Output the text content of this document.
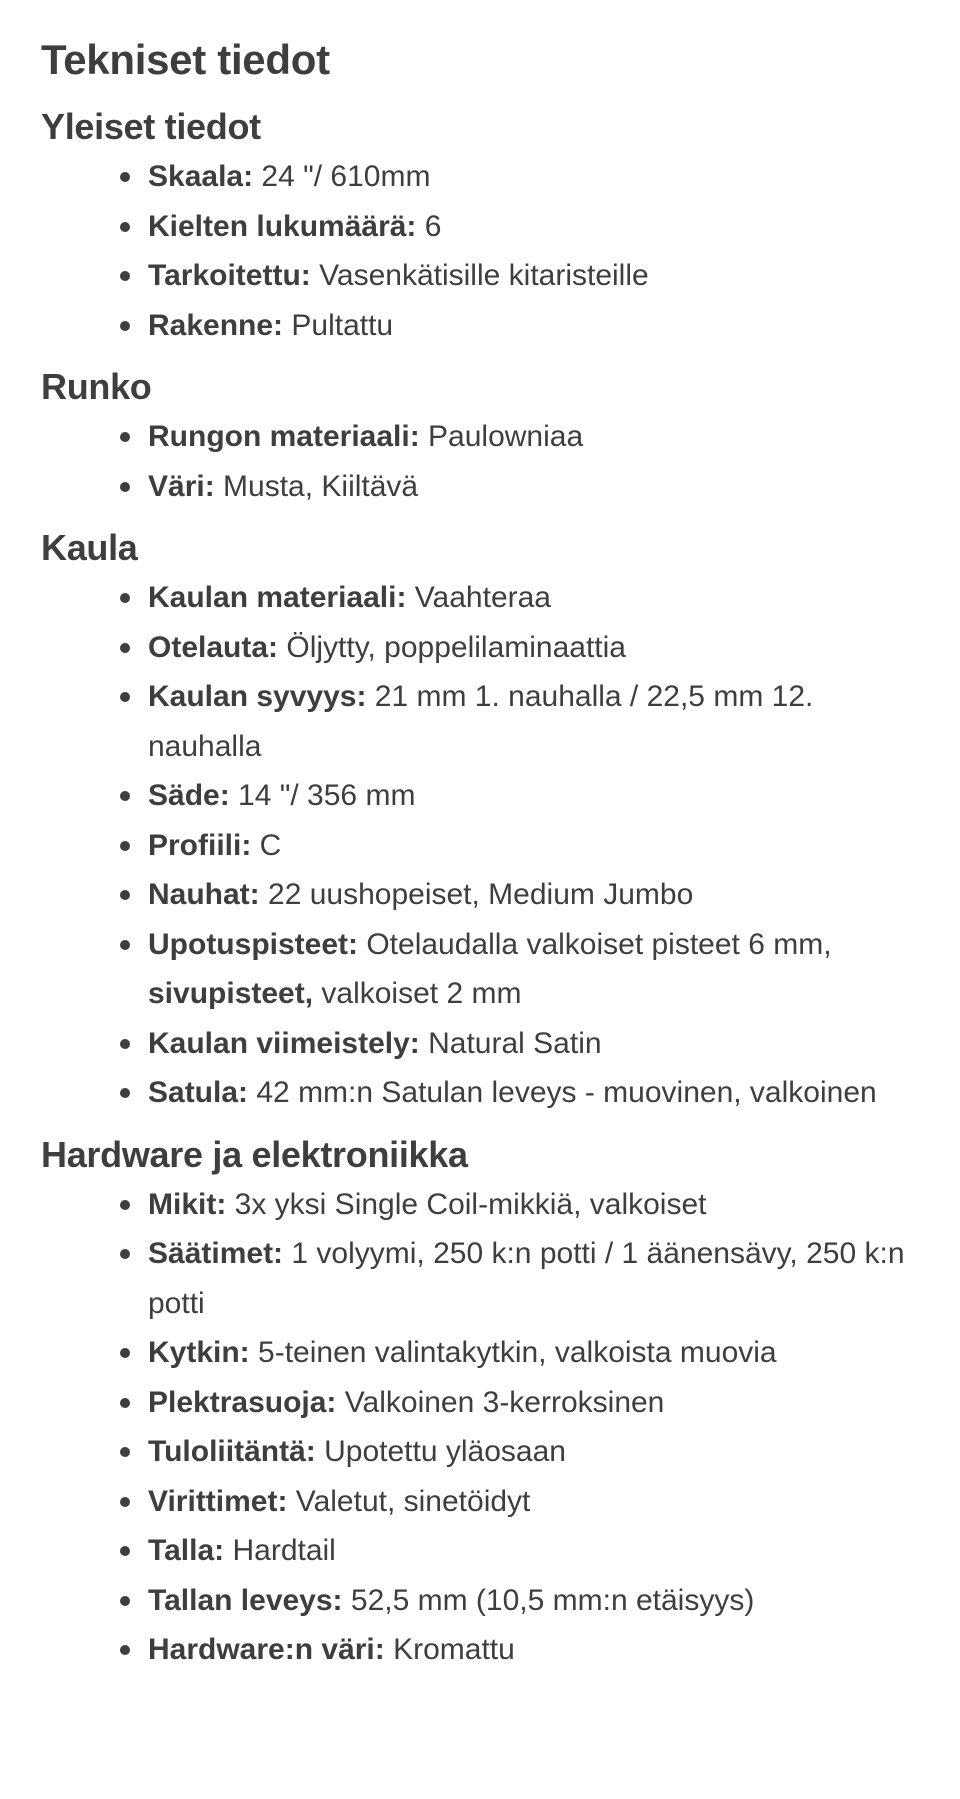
Tekniset tiedot
Yleiset tiedot
Skaala: 24 "/ 610mm
Kielten lukumäärä: 6
Tarkoitettu: Vasenkätisille kitaristeille
Rakenne: Pultattu
Runko
Rungon materiaali: Paulowniaa
Väri: Musta, Kiiltävä
Kaula
Kaulan materiaali: Vaahteraa
Otelauta: Öljytty, poppelilaminaattia
Kaulan syvyys: 21 mm 1. nauhalla / 22,5 mm 12. nauhalla
Säde: 14 "/ 356 mm
Profiili: C
Nauhat: 22 uushopeiset, Medium Jumbo
Upotuspisteet: Otelaudalla valkoiset pisteet 6 mm, sivupisteet, valkoiset 2 mm
Kaulan viimeistely: Natural Satin
Satula: 42 mm:n Satulan leveys - muovinen, valkoinen
Hardware ja elektroniikka
Mikit: 3x yksi Single Coil-mikkiä, valkoiset
Säätimet: 1 volyymi, 250 k:n potti / 1 äänensävy, 250 k:n potti
Kytkin: 5-teinen valintakytkin, valkoista muovia
Plektrasuoja: Valkoinen 3-kerroksinen
Tuloliitäntä: Upotettu yläosaan
Virittimet: Valetut, sinetöidyt
Talla: Hardtail
Tallan leveys: 52,5 mm (10,5 mm:n etäisyys)
Hardware:n väri: Kromattu
